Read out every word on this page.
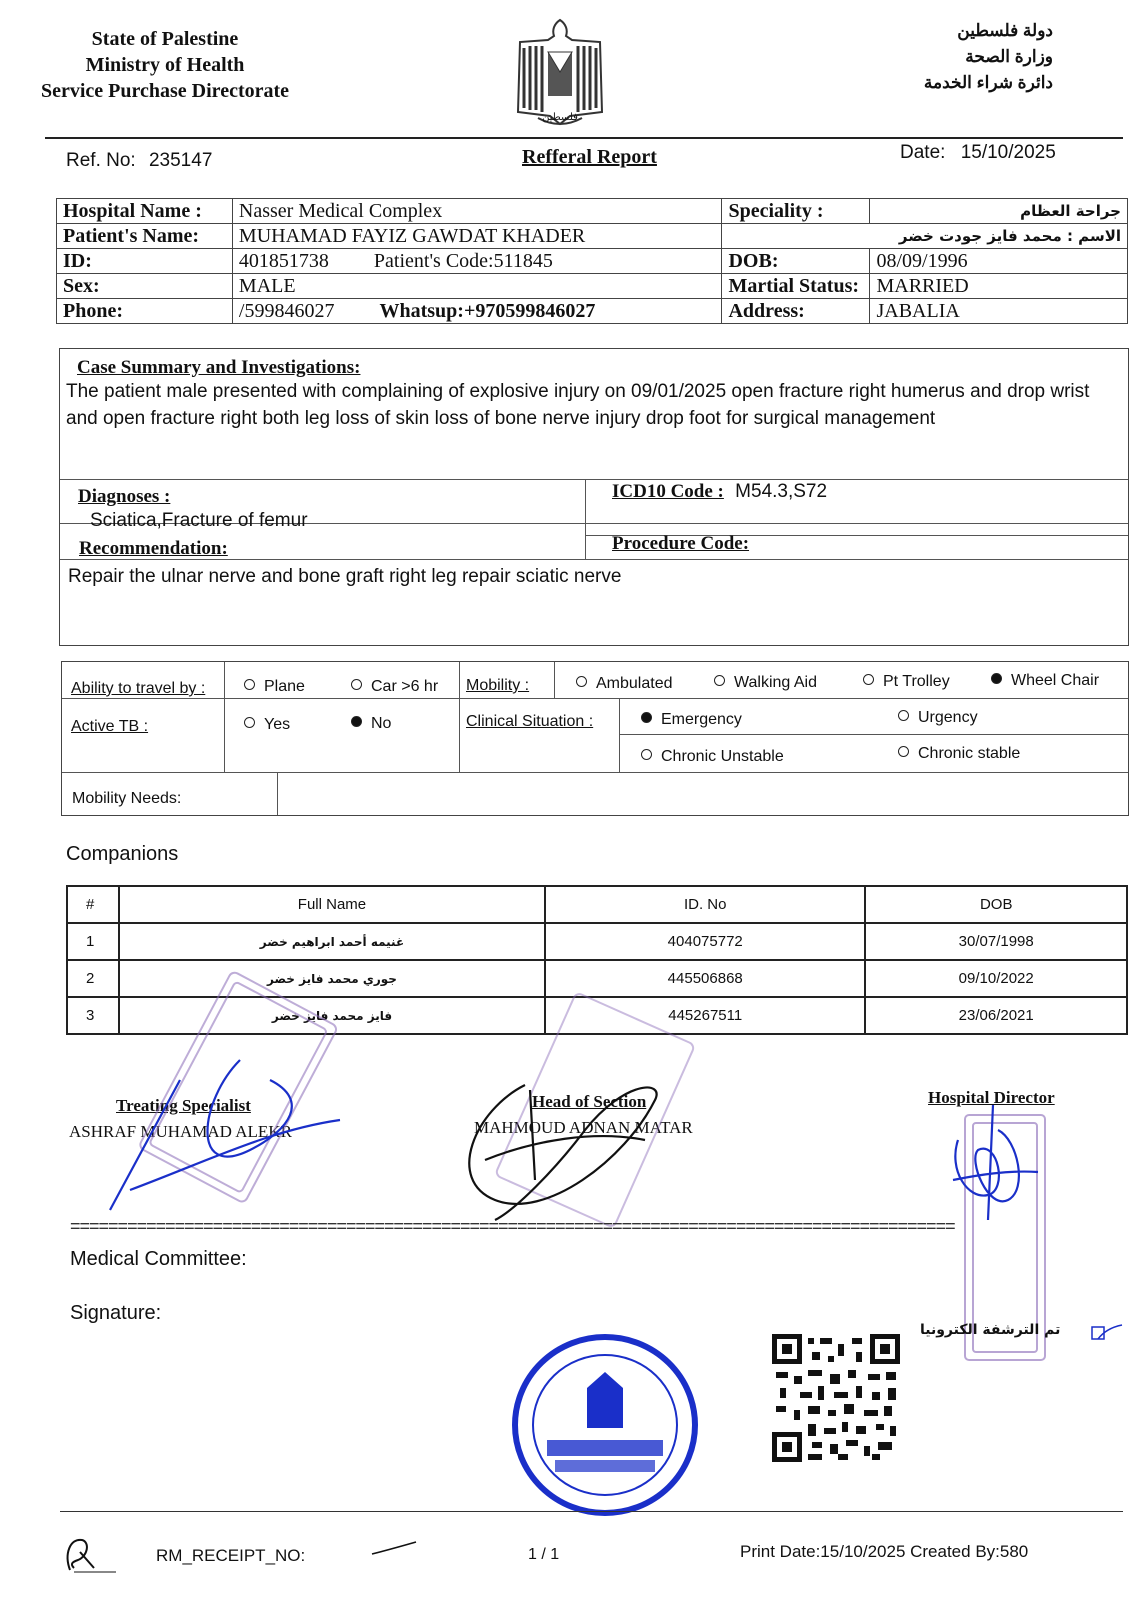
State of Palestine
Ministry of Health
Service Purchase Directorate
فلسطين
دولة فلسطين
وزارة الصحة
دائرة شراء الخدمة
Ref. No: 235147	Refferal Report	Date: 15/10/2025
Hospital Name :	Nasser Medical Complex	Speciality :	جراحة العظام
Patient's Name:	MUHAMAD FAYIZ GAWDAT KHADER	الاسم : محمد فايز جودت خضر	
ID:	401851738 Patient's Code:511845	DOB:	08/09/1996
Sex:	MALE	Martial Status:	MARRIED
Phone:	/599846027 Whatsup:+970599846027	Address:	JABALIA
Case Summary and Investigations:
The patient male presented with complaining of explosive injury on 09/01/2025 open fracture right humerus and drop wrist and open fracture right both leg loss of skin loss of bone nerve injury drop foot for surgical management
Diagnoses :
Sciatica,Fracture of femur
ICD10 Code : M54.3,S72
Recommendation:	Procedure Code:
Repair the ulnar nerve and bone graft right leg repair sciatic nerve
Ability to travel by :	Plane	Car >6 hr Mobility :	Ambulated	Walking Aid	Pt Trolley	Wheel Chair
Active TB :	Yes	No	Clinical Situation :	Emergency	Urgency
Chronic Unstable	Chronic stable
Mobility Needs:
Companions
#	Full Name	ID. No	DOB
1	غنيمه أحمد ابراهيم خضر	404075772	30/07/1998
2	جوري محمد فايز خضر	445506868	09/10/2022
3	فايز محمد فايز خضر	445267511	23/06/2021
Treating Specialist
ASHRAF MUHAMAD ALEKR
Head of Section
MAHMOUD ADNAN MATAR
Hospital Director
=============================================================================================
Medical Committee:
Signature:
تم الترشفة الكترونيا
RM_RECEIPT_NO:	1 / 1	Print Date:15/10/2025 Created By:580
